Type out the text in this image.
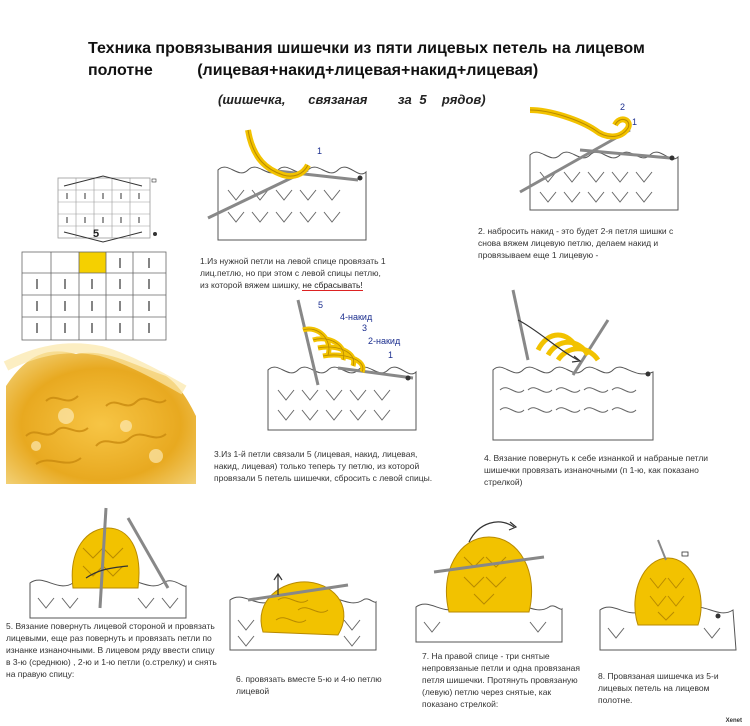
Техника провязывания шишечки из пяти лицевых петель на лицевом
полотне          (лицевая+накид+лицевая+накид+лицевая)
(шишечка,   связаная    за 5  рядов)
5
1
1.Из нужной петли на левой спице провязать 1 лиц.петлю, но при этом с левой спицы петлю, из которой вяжем шишку, не сбрасывать!
2
1
2. набросить накид - это будет 2-я петля шишки с снова вяжем лицевую петлю, делаем накид и провязываем еще 1 лицевую -
5
4-накид
3
2-накид
1
3.Из 1-й петли связали 5 (лицевая, накид, лицевая, накид, лицевая) только теперь ту петлю, из которой провязали 5 петель шишечки, сбросить с левой спицы.
4. Вязание повернуть к себе изнанкой и набраные петли шишечки провязать изнаночными (п 1-ю, как показано стрелкой)
5. Вязание повернуть лицевой стороной и провязать лицевыми, еще раз повернуть и провязать петли по изнанке изнаночными. В лицевом ряду ввести спицу в 3-ю (среднюю) , 2-ю и 1-ю петли (о.стрелку) и снять на правую спицу:	6. провязать вместе 5-ю и 4-ю петлю лицевой
7. На правой спице - три снятые непровязаные петли и одна провязаная петля шишечки. Протянуть провязаную (левую) петлю через снятые, как показано стрелкой:
8. Провязаная шишечка из 5-и лицевых петель на лицевом полотне.
Xenet
